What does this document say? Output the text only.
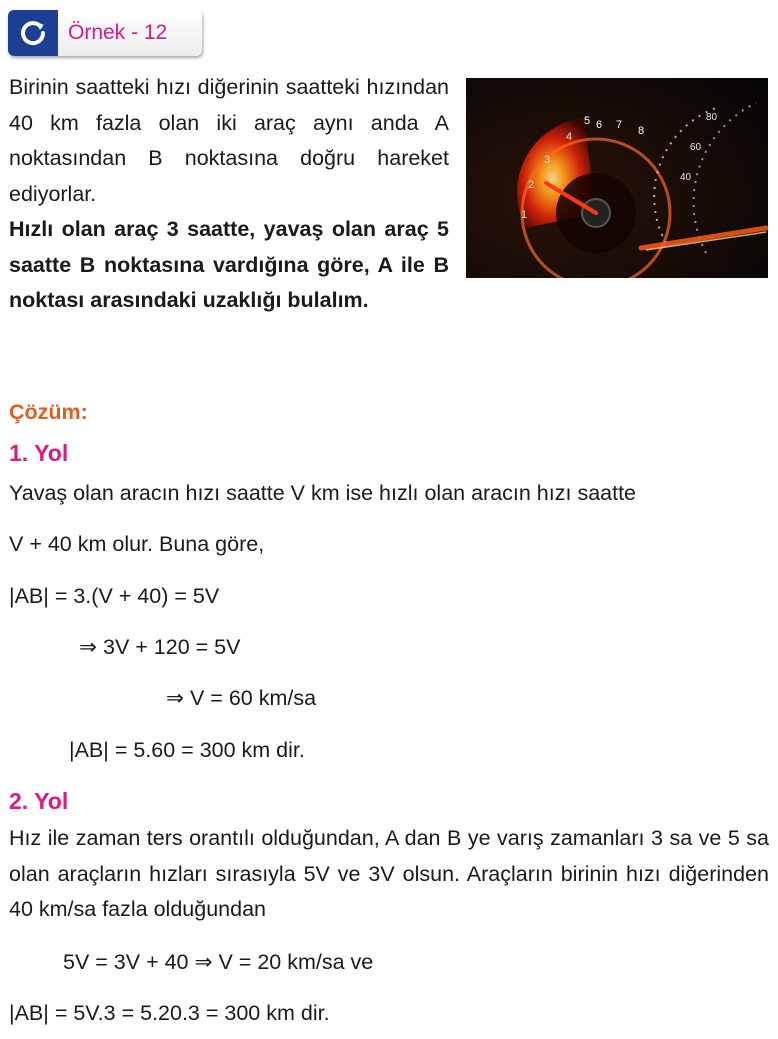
Örnek - 12

Birinin saatteki hızı diğerinin saatteki hızından 40 km fazla olan iki araç aynı anda A noktasından B noktasına doğru hareket ediyorlar.

Hızlı olan araç 3 saatte, yavaş olan araç 5 saatte B noktasına vardığına göre, A ile B noktası arasındaki uzaklığı bulalım.

1
2
3
4
5 6 7 8
40
60
80
Çözüm:
1. Yol
Yavaş olan aracın hızı saatte V km ise hızlı olan aracın hızı saatte
V + 40 km olur. Buna göre,
|AB| = 3.(V + 40) = 5V
⇒ 3V + 120 = 5V
⇒ V = 60 km/sa
|AB| = 5.60 = 300 km dir.
2. Yol
Hız ile zaman ters orantılı olduğundan, A dan B ye varış zamanları 3 sa ve 5 sa olan araçların hızları sırasıyla 5V ve 3V olsun. Araçların birinin hızı diğerinden 40 km/sa fazla olduğundan
5V = 3V + 40 ⇒ V = 20 km/sa ve
|AB| = 5V.3 = 5.20.3 = 300 km dir.
